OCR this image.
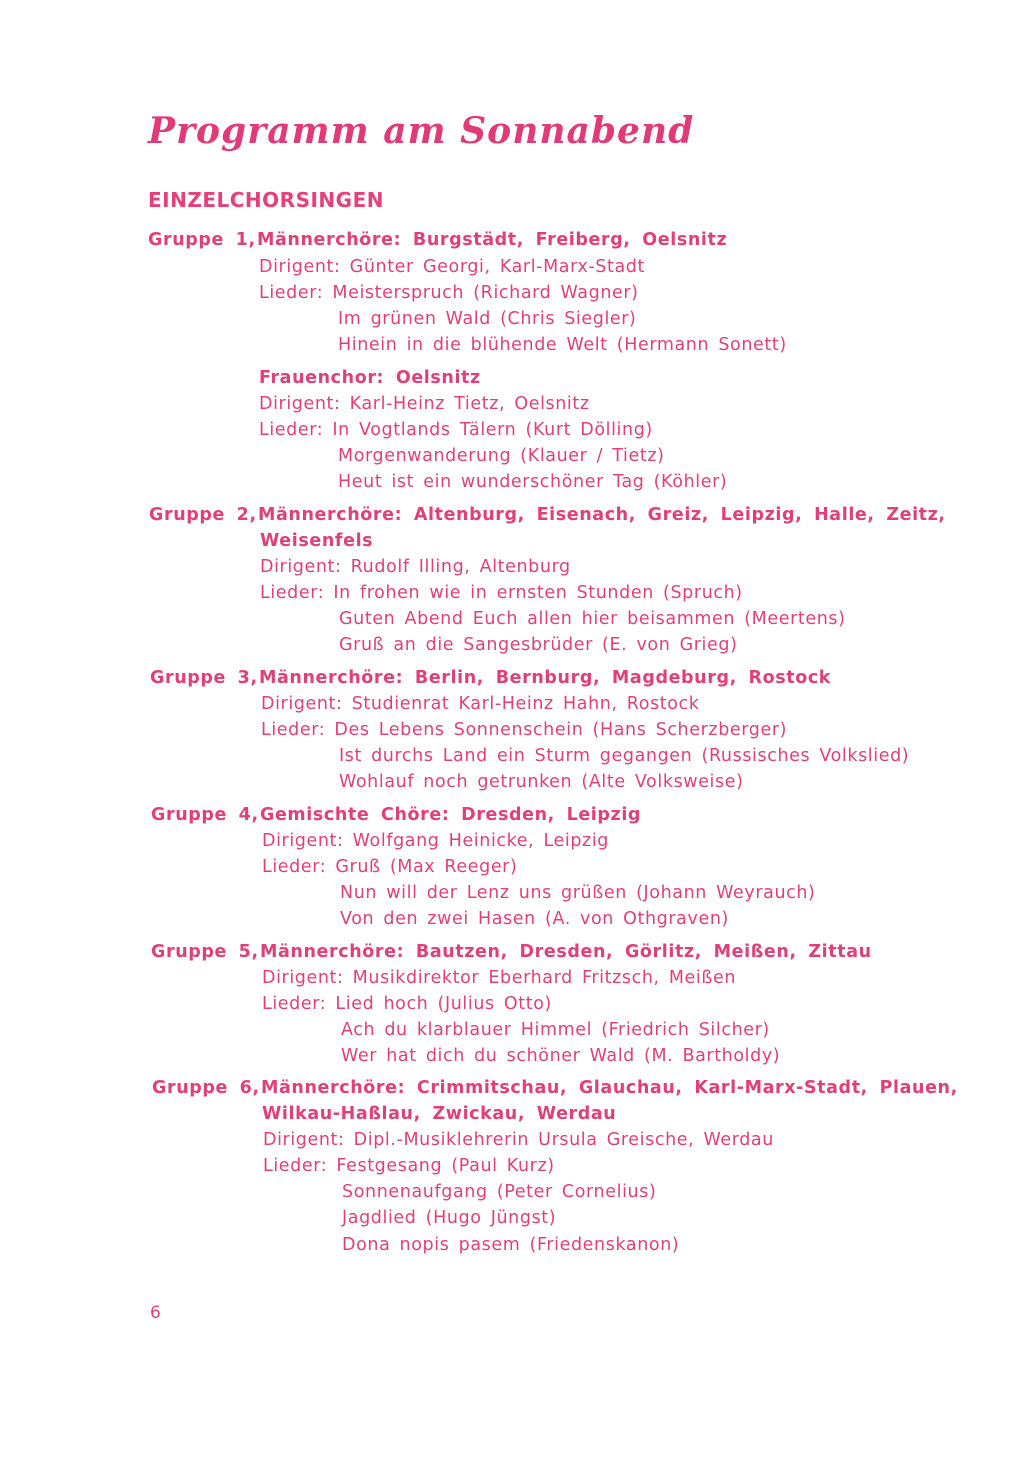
Programm am Sonnabend
EINZELCHORSINGEN
Gruppe 1, Männerchöre: Burgstädt, Freiberg, Oelsnitz
Dirigent: Günter Georgi, Karl-Marx-Stadt
Lieder: Meisterspruch (Richard Wagner)
Im grünen Wald (Chris Siegler)
Hinein in die blühende Welt (Hermann Sonett)
Frauenchor: Oelsnitz
Dirigent: Karl-Heinz Tietz, Oelsnitz
Lieder: In Vogtlands Tälern (Kurt Dölling)
Morgenwanderung (Klauer / Tietz)
Heut ist ein wunderschöner Tag (Köhler)
Gruppe 2, Männerchöre: Altenburg, Eisenach, Greiz, Leipzig, Halle, Zeitz,
Weisenfels
Dirigent: Rudolf Illing, Altenburg
Lieder: In frohen wie in ernsten Stunden (Spruch)
Guten Abend Euch allen hier beisammen (Meertens)
Gruß an die Sangesbrüder (E. von Grieg)
Gruppe 3, Männerchöre: Berlin, Bernburg, Magdeburg, Rostock
Dirigent: Studienrat Karl-Heinz Hahn, Rostock
Lieder: Des Lebens Sonnenschein (Hans Scherzberger)
Ist durchs Land ein Sturm gegangen (Russisches Volkslied)
Wohlauf noch getrunken (Alte Volksweise)
Gruppe 4, Gemischte Chöre: Dresden, Leipzig
Dirigent: Wolfgang Heinicke, Leipzig
Lieder: Gruß (Max Reeger)
Nun will der Lenz uns grüßen (Johann Weyrauch)
Von den zwei Hasen (A. von Othgraven)
Gruppe 5, Männerchöre: Bautzen, Dresden, Görlitz, Meißen, Zittau
Dirigent: Musikdirektor Eberhard Fritzsch, Meißen
Lieder: Lied hoch (Julius Otto)
Ach du klarblauer Himmel (Friedrich Silcher)
Wer hat dich du schöner Wald (M. Bartholdy)
Gruppe 6, Männerchöre: Crimmitschau, Glauchau, Karl-Marx-Stadt, Plauen,
Wilkau-Haßlau, Zwickau, Werdau
Dirigent: Dipl.-Musiklehrerin Ursula Greische, Werdau
Lieder: Festgesang (Paul Kurz)
Sonnenaufgang (Peter Cornelius)
Jagdlied (Hugo Jüngst)
Dona nopis pasem (Friedenskanon)
6
